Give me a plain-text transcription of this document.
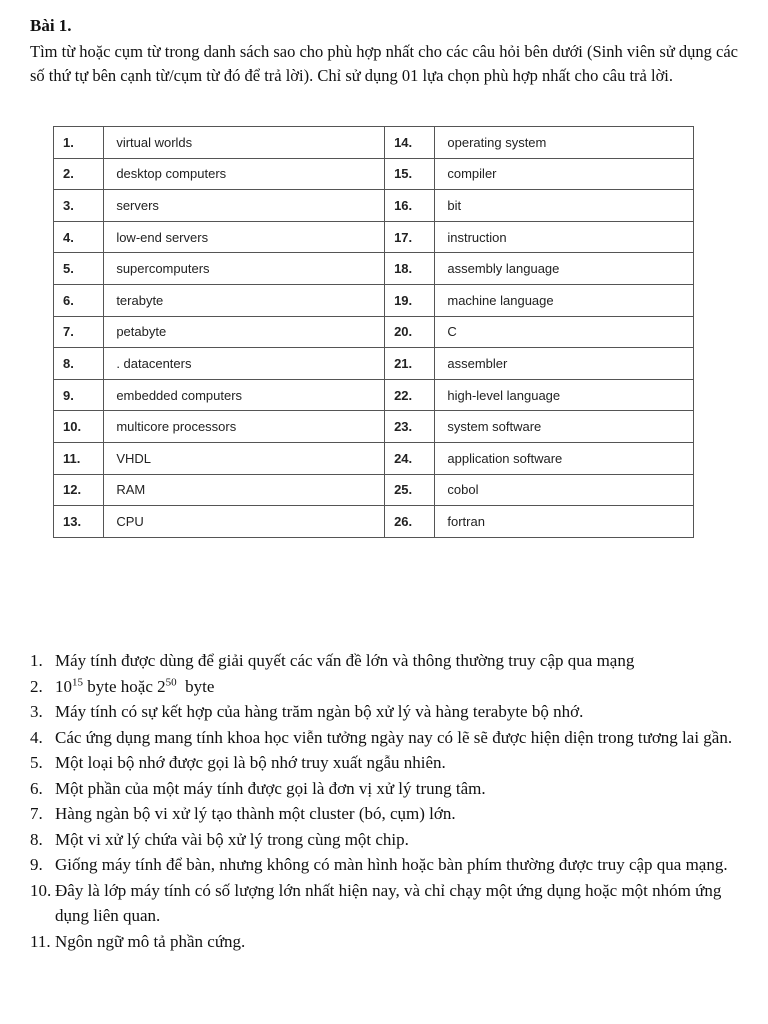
Bài 1.
Tìm từ hoặc cụm từ trong danh sách sao cho phù hợp nhất cho các câu hỏi bên dưới (Sinh viên sử dụng các số thứ tự bên cạnh từ/cụm từ đó để trả lời). Chỉ sử dụng 01 lựa chọn phù hợp nhất cho câu trả lời.
1.	virtual worlds	14.	operating system
2.	desktop computers	15.	compiler
3.	servers	16.	bit
4.	low-end servers	17.	instruction
5.	supercomputers	18.	assembly language
6.	terabyte	19.	machine language
7.	petabyte	20.	C
8.	. datacenters	21.	assembler
9.	embedded computers	22.	high-level language
10.	multicore processors	23.	system software
11.	VHDL	24.	application software
12.	RAM	25.	cobol
13.	CPU	26.	fortran
1. Máy tính được dùng để giải quyết các vấn đề lớn và thông thường truy cập qua mạng
2. $10^{15}$ byte hoặc $2^{50}$  byte
3. Máy tính có sự kết hợp của hàng trăm ngàn bộ xử lý và hàng terabyte bộ nhớ.
4. Các ứng dụng mang tính khoa học viễn tưởng ngày nay có lẽ sẽ được hiện diện trong tương lai gần.
5. Một loại bộ nhớ được gọi là bộ nhớ truy xuất ngẫu nhiên.
6. Một phần của một máy tính được gọi là đơn vị xử lý trung tâm.
7. Hàng ngàn bộ vi xử lý tạo thành một cluster (bó, cụm) lớn.
8. Một vi xử lý chứa vài bộ xử lý trong cùng một chip.
9. Giống máy tính để bàn, nhưng không có màn hình hoặc bàn phím thường được truy cập qua mạng.
10. Đây là lớp máy tính có số lượng lớn nhất hiện nay, và chỉ chạy một ứng dụng hoặc một nhóm ứng dụng liên quan.
11. Ngôn ngữ mô tả phần cứng.
